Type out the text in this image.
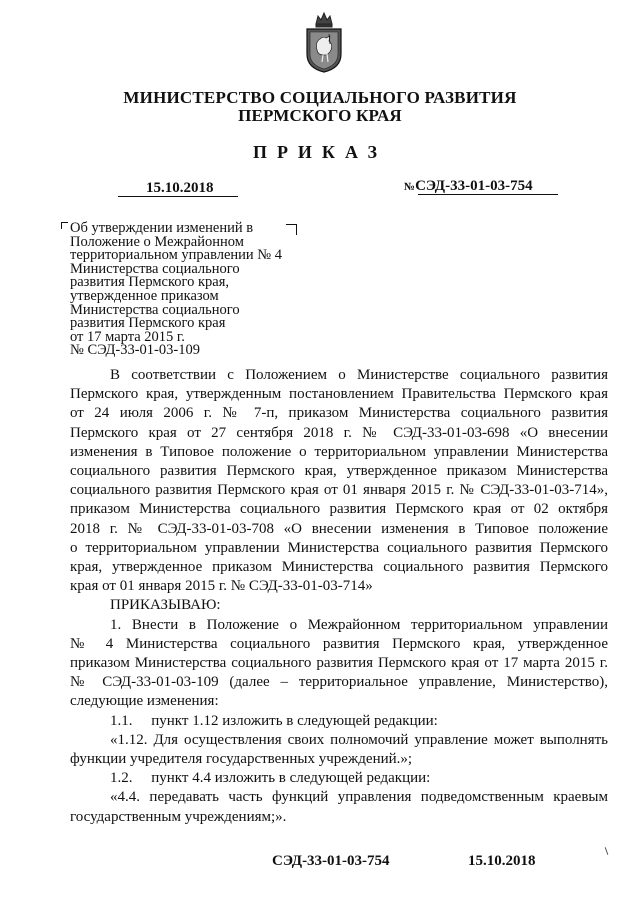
МИНИСТЕРСТВО СОЦИАЛЬНОГО РАЗВИТИЯ
ПЕРМСКОГО КРАЯ
ПРИКАЗ
15.10.2018	№СЭД-33-01-03-754
Об утверждении изменений в
Положение о Межрайонном
территориальном управлении № 4
Министерства социального
развития Пермского края,
утвержденное приказом
Министерства социального
развития Пермского края
от 17 марта 2015 г.
№ СЭД-33-01-03-109

В соответствии с Положением о Министерстве социального развития

Пермского края, утвержденным постановлением Правительства Пермского края

от 24 июля 2006 г. № 7-п, приказом Министерства социального развития

Пермского края от 27 сентября 2018 г. № СЭД-33-01-03-698 «О внесении

изменения в Типовое положение о территориальном управлении Министерства

социального развития Пермского края, утвержденное приказом Министерства

социального развития Пермского края от 01 января 2015 г. № СЭД-33-01-03-714»,

приказом Министерства социального развития Пермского края от 02 октября

2018 г. № СЭД-33-01-03-708 «О внесении изменения в Типовое положение

о территориальном управлении Министерства социального развития Пермского

края, утвержденное приказом Министерства социального развития Пермского

края от 01 января 2015 г. № СЭД-33-01-03-714»

ПРИКАЗЫВАЮ:

1. Внести в Положение о Межрайонном территориальном управлении

№ 4 Министерства социального развития Пермского края, утвержденное

приказом Министерства социального развития Пермского края от 17 марта 2015 г.

№ СЭД-33-01-03-109 (далее – территориальное управление, Министерство),

следующие изменения:

1.1.     пункт 1.12 изложить в следующей редакции:

«1.12. Для осуществления своих полномочий управление может выполнять

функции учредителя государственных учреждений.»;

1.2.     пункт 4.4 изложить в следующей редакции:

«4.4. передавать часть функций управления подведомственным краевым

государственным учреждениям;».

СЭД-33-01-03-754	15.10.2018
